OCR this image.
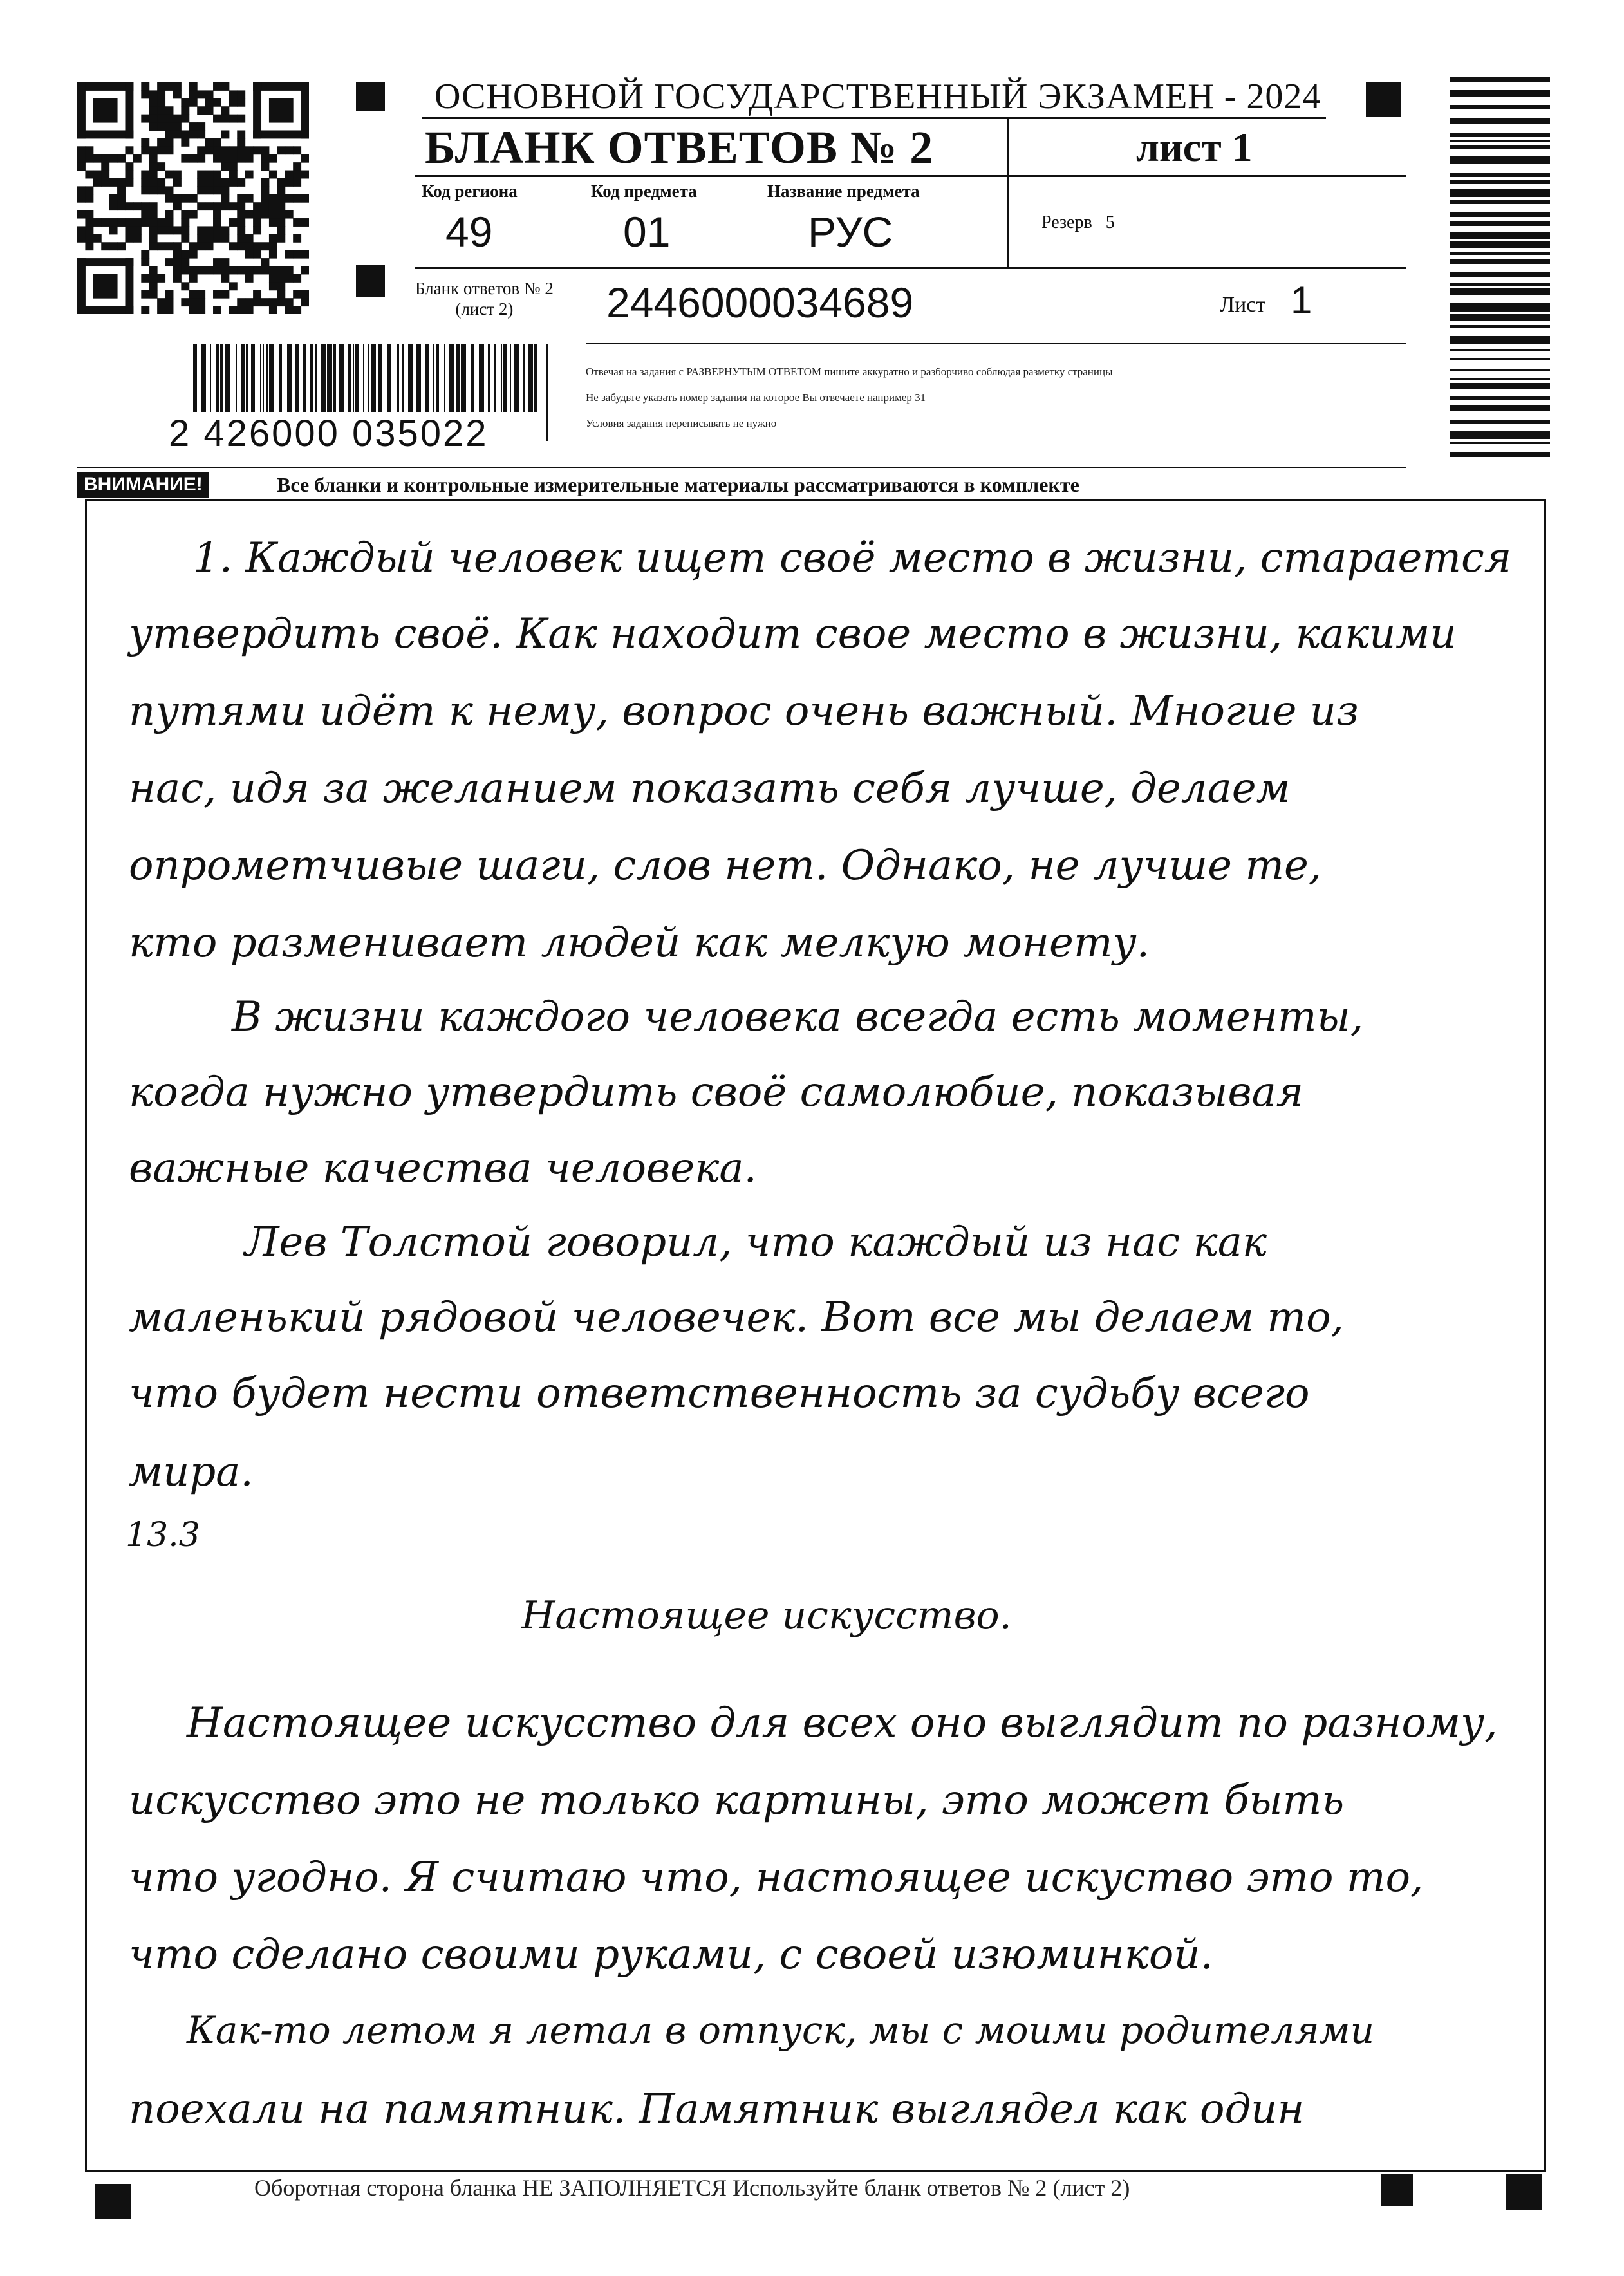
ОСНОВНОЙ ГОСУДАРСТВЕННЫЙ ЭКЗАМЕН - 2024
БЛАНК ОТВЕТОВ № 2	лист 1
Код региона
49
Код предмета
01
Название предмета
РУС	Резерв 5
Бланк ответов № 2
(лист 2)	2446000034689	Лист 1
Отвечая на задания с РАЗВЕРНУТЫМ ОТВЕТОМ пишите аккуратно и разборчиво соблюдая разметку страницы
Не забудьте указать номер задания на которое Вы отвечаете например 31
Условия задания переписывать не нужно
2 426000 035022
ВНИМАНИЕ!	Все бланки и контрольные измерительные материалы рассматриваются в комплекте
1. Каждый человек ищет своё место в жизни, старается
утвердить своё. Как находит свое место в жизни, какими
путями идёт к нему, вопрос очень важный. Многие из
нас, идя за желанием показать себя лучше, делаем
опрометчивые шаги, слов нет. Однако, не лучше те,
кто разменивает людей как мелкую монету.
В жизни каждого человека всегда есть моменты,
когда нужно утвердить своё самолюбие, показывая
важные качества человека.
Лев Толстой говорил, что каждый из нас как
маленький рядовой человечек. Вот все мы делаем то,
что будет нести ответственность за судьбу всего
мира.
13.3
Настоящее искусство.
Настоящее искусство для всех оно выглядит по разному,
искусство это не только картины, это может быть
что угодно. Я считаю что, настоящее искуство это то,
что сделано своими руками, с своей изюминкой.
Как-то летом я летал в отпуск, мы с моими родителями
поехали на памятник. Памятник выглядел как один
Оборотная сторона бланка НЕ ЗАПОЛНЯЕТСЯ Используйте бланк ответов № 2 (лист 2)
